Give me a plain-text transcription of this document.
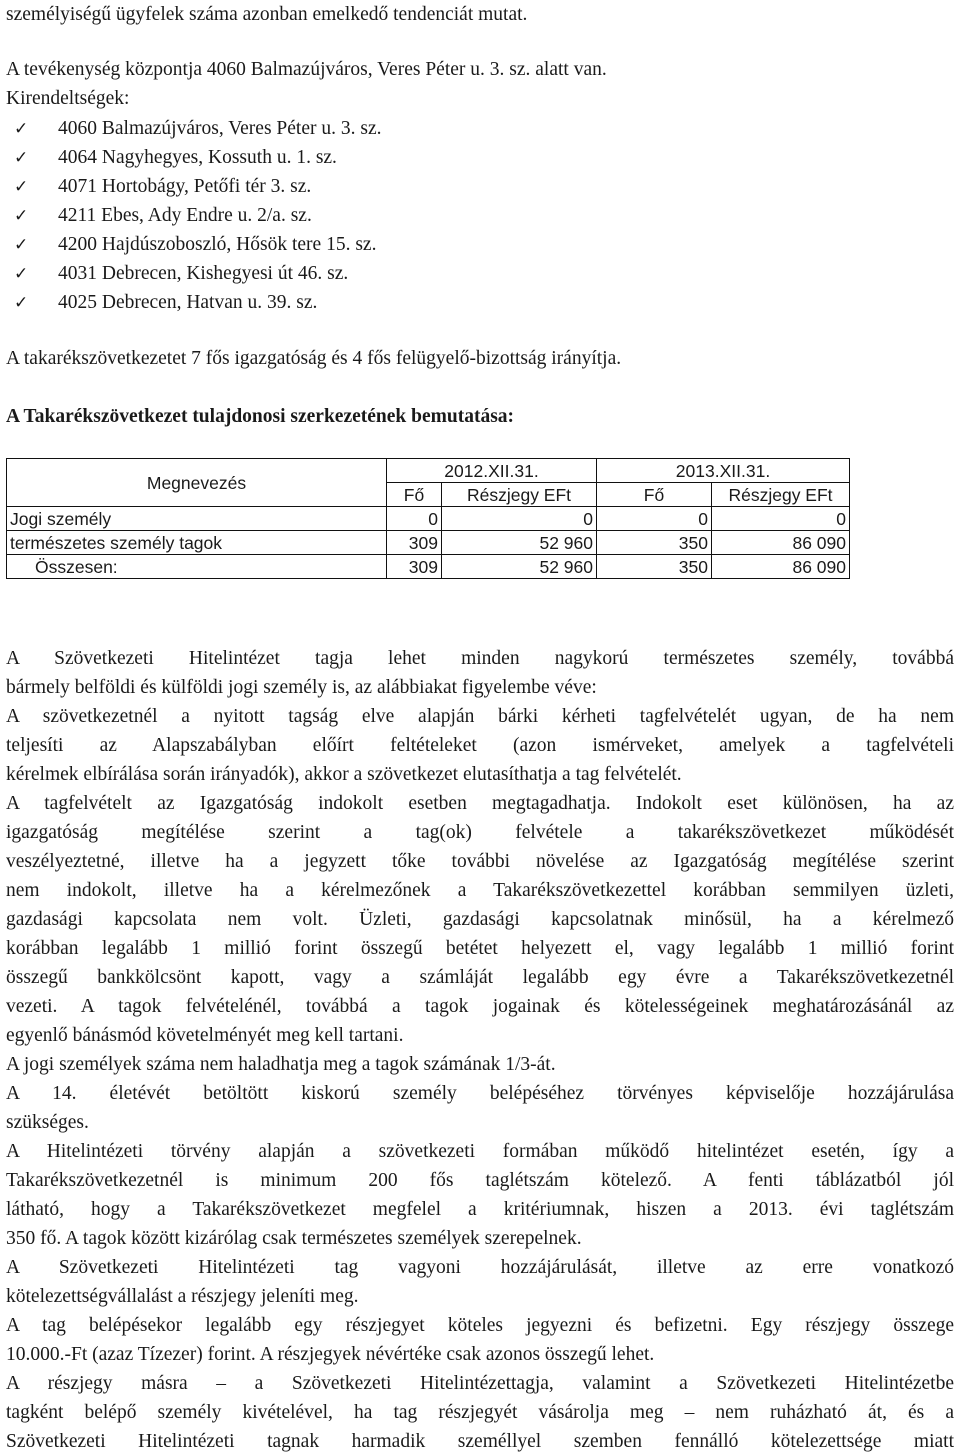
személyiségű ügyfelek száma azonban emelkedő tendenciát mutat.
A tevékenység központja 4060 Balmazújváros, Veres Péter u. 3. sz. alatt van.
Kirendeltségek:
✓ 4060 Balmazújváros, Veres Péter u. 3. sz.
✓ 4064 Nagyhegyes, Kossuth u. 1. sz.
✓ 4071 Hortobágy, Petőfi tér 3. sz.
✓ 4211 Ebes, Ady Endre u. 2/a. sz.
✓ 4200 Hajdúszoboszló, Hősök tere 15. sz.
✓ 4031 Debrecen, Kishegyesi út 46. sz.
✓ 4025 Debrecen, Hatvan u. 39. sz.
A takarékszövetkezetet 7 fős igazgatóság és 4 fős felügyelő-bizottság irányítja.
A Takarékszövetkezet tulajdonosi szerkezetének bemutatása:
Megnevezés	2012.XII.31.		2013.XII.31.	
	Fő	Részjegy EFt	Fő	Részjegy EFt
Jogi személy	0	0	0	0
természetes személy tagok	309	52 960	350	86 090
Összesen:	309	52 960	350	86 090
A Szövetkezeti Hitelintézet tagja lehet minden nagykorú természetes személy, továbbá
bármely belföldi és külföldi jogi személy is, az alábbiakat figyelembe véve:
A szövetkezetnél a nyitott tagság elve alapján bárki kérheti tagfelvételét ugyan, de ha nem
teljesíti az Alapszabályban előírt feltételeket (azon ismérveket, amelyek a tagfelvételi
kérelmek elbírálása során irányadók), akkor a szövetkezet elutasíthatja a tag felvételét.
A tagfelvételt az Igazgatóság indokolt esetben megtagadhatja. Indokolt eset különösen, ha az
igazgatóság megítélése szerint a tag(ok) felvétele a takarékszövetkezet működését
veszélyeztetné, illetve ha a jegyzett tőke további növelése az Igazgatóság megítélése szerint
nem indokolt, illetve ha a kérelmezőnek a Takarékszövetkezettel korábban semmilyen üzleti,
gazdasági kapcsolata nem volt. Üzleti, gazdasági kapcsolatnak minősül, ha a kérelmező
korábban legalább 1 millió forint összegű betétet helyezett el, vagy legalább 1 millió forint
összegű bankkölcsönt kapott, vagy a számláját legalább egy évre a Takarékszövetkezetnél
vezeti. A tagok felvételénél, továbbá a tagok jogainak és kötelességeinek meghatározásánál az
egyenlő bánásmód követelményét meg kell tartani.
A jogi személyek száma nem haladhatja meg a tagok számának 1/3-át.
A 14. életévét betöltött kiskorú személy belépéséhez törvényes képviselője hozzájárulása
szükséges.
A Hitelintézeti törvény alapján a szövetkezeti formában működő hitelintézet esetén, így a
Takarékszövetkezetnél is minimum 200 fős taglétszám kötelező. A fenti táblázatból jól
látható, hogy a Takarékszövetkezet megfelel a kritériumnak, hiszen a 2013. évi taglétszám
350 fő. A tagok között kizárólag csak természetes személyek szerepelnek.
A Szövetkezeti Hitelintézeti tag vagyoni hozzájárulását, illetve az erre vonatkozó
kötelezettségvállalást a részjegy jeleníti meg.
A tag belépésekor legalább egy részjegyet köteles jegyezni és befizetni. Egy részjegy összege
10.000.-Ft (azaz Tízezer) forint. A részjegyek névértéke csak azonos összegű lehet.
A részjegy másra – a Szövetkezeti Hitelintézettagja, valamint a Szövetkezeti Hitelintézetbe
tagként belépő személy kivételével, ha tag részjegyét vásárolja meg – nem ruházható át, és a
Szövetkezeti Hitelintézeti tagnak harmadik személlyel szemben fennálló kötelezettsége miatt
